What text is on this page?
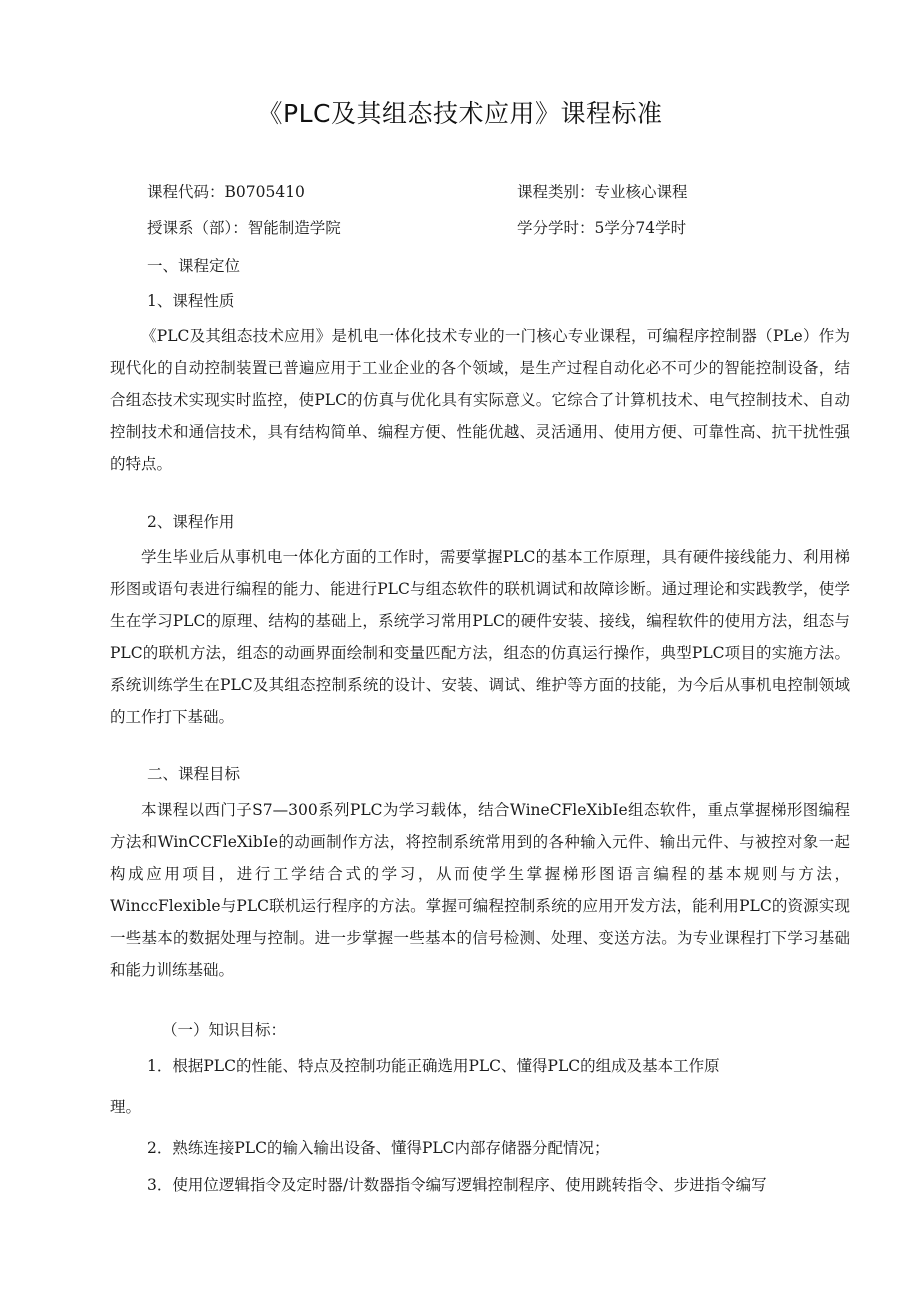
《PLC及其组态技术应用》课程标准
课程代码：B0705410	课程类别：专业核心课程
授课系（部）：智能制造学院	学分学时：5学分74学时
一、课程定位
1、课程性质
《PLC及其组态技术应用》是机电一体化技术专业的一门核心专业课程，可编程序控制器（PLe）作为现代化的自动控制装置已普遍应用于工业企业的各个领域，是生产过程自动化必不可少的智能控制设备，结合组态技术实现实时监控，使PLC的仿真与优化具有实际意义。它综合了计算机技术、电气控制技术、自动控制技术和通信技术，具有结构简单、编程方便、性能优越、灵活通用、使用方便、可靠性高、抗干扰性强的特点。
2、课程作用
学生毕业后从事机电一体化方面的工作时，需要掌握PLC的基本工作原理，具有硬件接线能力、利用梯形图或语句表进行编程的能力、能进行PLC与组态软件的联机调试和故障诊断。通过理论和实践教学，使学生在学习PLC的原理、结构的基础上，系统学习常用PLC的硬件安装、接线，编程软件的使用方法，组态与PLC的联机方法，组态的动画界面绘制和变量匹配方法，组态的仿真运行操作，典型PLC项目的实施方法。系统训练学生在PLC及其组态控制系统的设计、安装、调试、维护等方面的技能，为今后从事机电控制领域的工作打下基础。
二、课程目标
本课程以西门子S7—300系列PLC为学习载体，结合WineCFleXibIe组态软件，重点掌握梯形图编程方法和WinCCFleXibIe的动画制作方法，将控制系统常用到的各种输入元件、输出元件、与被控对象一起构成应用项目，进行工学结合式的学习，从而使学生掌握梯形图语言编程的基本规则与方法，WinccFlexible与PLC联机运行程序的方法。掌握可编程控制系统的应用开发方法，能利用PLC的资源实现一些基本的数据处理与控制。进一步掌握一些基本的信号检测、处理、变送方法。为专业课程打下学习基础和能力训练基础。
（一）知识目标：
1．根据PLC的性能、特点及控制功能正确选用PLC、懂得PLC的组成及基本工作原
理。
2．熟练连接PLC的输入输出设备、懂得PLC内部存储器分配情况；
3．使用位逻辑指令及定时器/计数器指令编写逻辑控制程序、使用跳转指令、步进指令编写
